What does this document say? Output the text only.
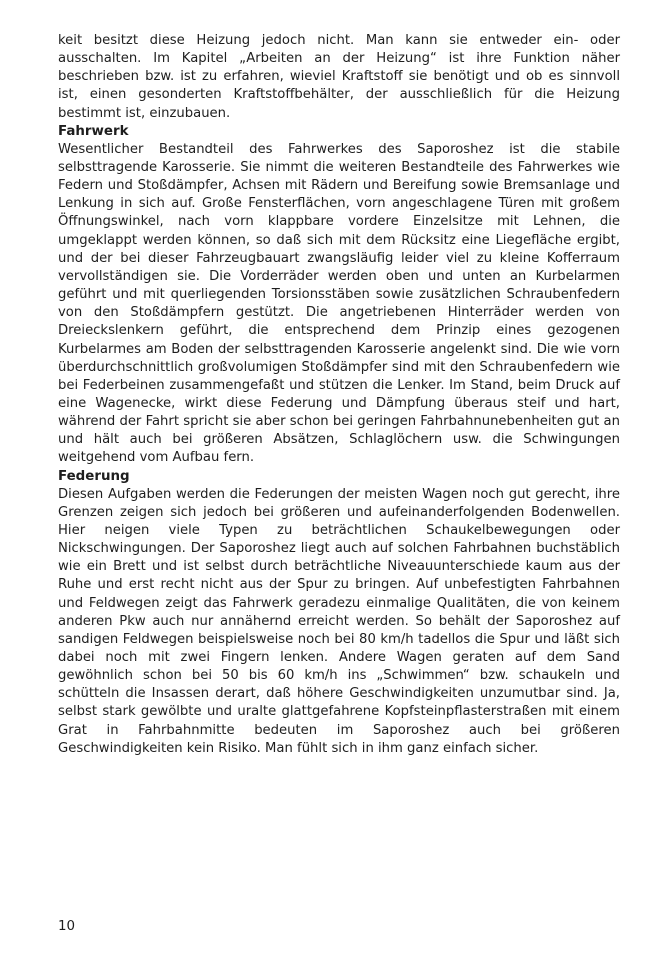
keit besitzt diese Heizung jedoch nicht. Man kann sie entweder ein- oder ausschalten. Im Kapitel „Arbeiten an der Heizung“ ist ihre Funktion näher beschrieben bzw. ist zu erfahren, wieviel Kraftstoff sie benötigt und ob es sinnvoll ist, einen gesonderten Kraftstoffbehälter, der ausschließlich für die Heizung bestimmt ist, einzubauen.

Fahrwerk

Wesentlicher Bestandteil des Fahrwerkes des Saporoshez ist die stabile selbsttragende Karosserie. Sie nimmt die weiteren Bestandteile des Fahrwerkes wie Federn und Stoßdämpfer, Achsen mit Rädern und Bereifung sowie Bremsanlage und Lenkung in sich auf. Große Fensterflächen, vorn angeschlagene Türen mit großem Öffnungswinkel, nach vorn klappbare vordere Einzelsitze mit Lehnen, die umgeklappt werden können, so daß sich mit dem Rücksitz eine Liegefläche ergibt, und der bei dieser Fahrzeugbauart zwangsläufig leider viel zu kleine Kofferraum vervollständigen sie. Die Vorderräder werden oben und unten an Kurbelarmen geführt und mit querliegenden Torsionsstäben sowie zusätzlichen Schraubenfedern von den Stoßdämpfern gestützt. Die angetriebenen Hinterräder werden von Dreieckslenkern geführt, die entsprechend dem Prinzip eines gezogenen Kurbelarmes am Boden der selbsttragenden Karosserie angelenkt sind. Die wie vorn überdurchschnittlich großvolumigen Stoßdämpfer sind mit den Schraubenfedern wie bei Federbeinen zusammengefaßt und stützen die Lenker. Im Stand, beim Druck auf eine Wagenecke, wirkt diese Federung und Dämpfung überaus steif und hart, während der Fahrt spricht sie aber schon bei geringen Fahrbahnunebenheiten gut an und hält auch bei größeren Absätzen, Schlaglöchern usw. die Schwingungen weitgehend vom Aufbau fern.

Federung

Diesen Aufgaben werden die Federungen der meisten Wagen noch gut gerecht, ihre Grenzen zeigen sich jedoch bei größeren und aufeinanderfolgenden Bodenwellen. Hier neigen viele Typen zu beträchtlichen Schaukelbewegungen oder Nickschwingungen. Der Saporoshez liegt auch auf solchen Fahrbahnen buchstäblich wie ein Brett und ist selbst durch beträchtliche Niveauunterschiede kaum aus der Ruhe und erst recht nicht aus der Spur zu bringen. Auf unbefestigten Fahrbahnen und Feldwegen zeigt das Fahrwerk geradezu einmalige Qualitäten, die von keinem anderen Pkw auch nur annähernd erreicht werden. So behält der Saporoshez auf sandigen Feldwegen beispielsweise noch bei 80 km/h tadellos die Spur und läßt sich dabei noch mit zwei Fingern lenken. Andere Wagen geraten auf dem Sand gewöhnlich schon bei 50 bis 60 km/h ins „Schwimmen“ bzw. schaukeln und schütteln die Insassen derart, daß höhere Geschwindigkeiten unzumutbar sind. Ja, selbst stark gewölbte und uralte glattgefahrene Kopfsteinpflasterstraßen mit einem Grat in Fahrbahnmitte bedeuten im Saporoshez auch bei größeren Geschwindigkeiten kein Risiko. Man fühlt sich in ihm ganz einfach sicher.

10
